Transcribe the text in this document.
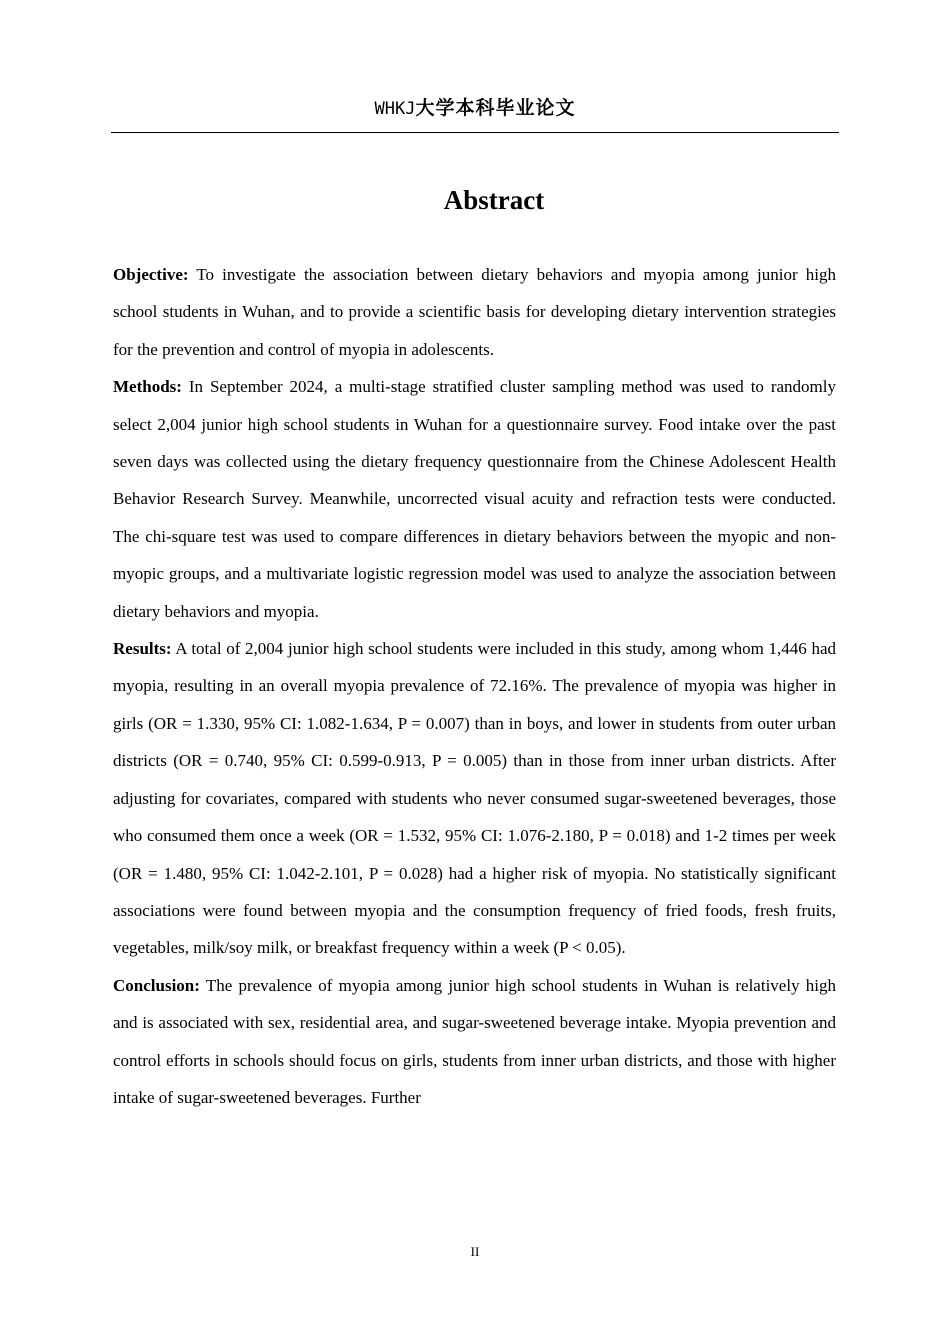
WHKJ大学本科毕业论文
Abstract

Objective: To investigate the association between dietary behaviors and myopia among junior high school students in Wuhan, and to provide a scientific basis for developing dietary intervention strategies for the prevention and control of myopia in adolescents.

Methods: In September 2024, a multi-stage stratified cluster sampling method was used to randomly select 2,004 junior high school students in Wuhan for a questionnaire survey. Food intake over the past seven days was collected using the dietary frequency questionnaire from the Chinese Adolescent Health Behavior Research Survey. Meanwhile, uncorrected visual acuity and refraction tests were conducted. The chi-square test was used to compare differences in dietary behaviors between the myopic and non-myopic groups, and a multivariate logistic regression model was used to analyze the association between dietary behaviors and myopia.

Results: A total of 2,004 junior high school students were included in this study, among whom 1,446 had myopia, resulting in an overall myopia prevalence of 72.16%. The prevalence of myopia was higher in girls (OR = 1.330, 95% CI: 1.082-1.634, P = 0.007) than in boys, and lower in students from outer urban districts (OR = 0.740, 95% CI: 0.599-0.913, P = 0.005) than in those from inner urban districts. After adjusting for covariates, compared with students who never consumed sugar-sweetened beverages, those who consumed them once a week (OR = 1.532, 95% CI: 1.076-2.180, P = 0.018) and 1-2 times per week (OR = 1.480, 95% CI: 1.042-2.101, P = 0.028) had a higher risk of myopia. No statistically significant associations were found between myopia and the consumption frequency of fried foods, fresh fruits, vegetables, milk/soy milk, or breakfast frequency within a week (P < 0.05).

Conclusion: The prevalence of myopia among junior high school students in Wuhan is relatively high and is associated with sex, residential area, and sugar-sweetened beverage intake. Myopia prevention and control efforts in schools should focus on girls, students from inner urban districts, and those with higher intake of sugar-sweetened beverages. Further

II
